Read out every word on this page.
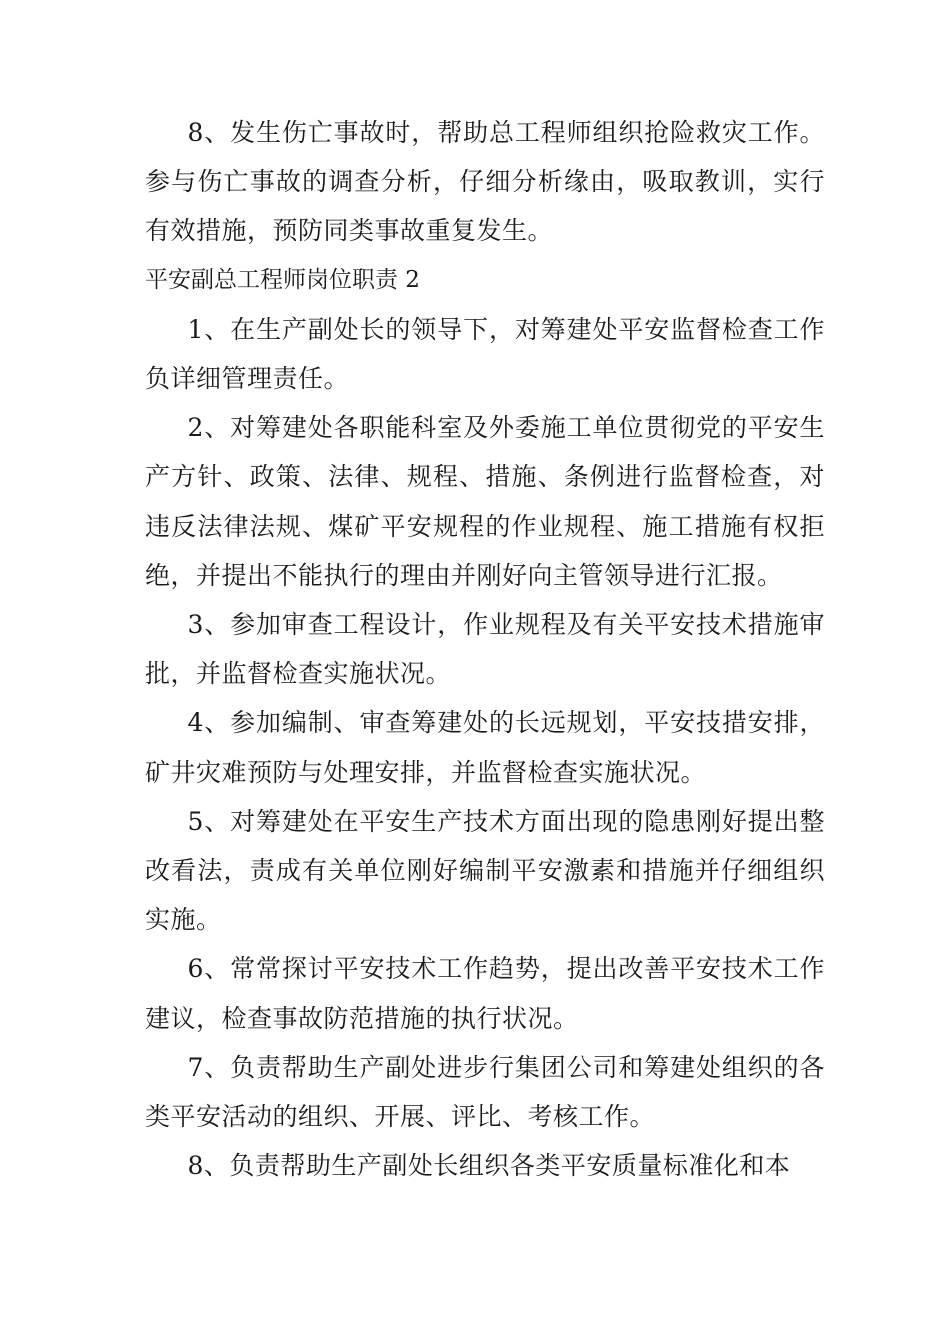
8、发生伤亡事故时，帮助总工程师组织抢险救灾工作。参与伤亡事故的调查分析，仔细分析缘由，吸取教训，实行有效措施，预防同类事故重复发生。

平安副总工程师岗位职责 2

1、在生产副处长的领导下，对筹建处平安监督检查工作负详细管理责任。

2、对筹建处各职能科室及外委施工单位贯彻党的平安生产方针、政策、法律、规程、措施、条例进行监督检查，对违反法律法规、煤矿平安规程的作业规程、施工措施有权拒绝，并提出不能执行的理由并刚好向主管领导进行汇报。

3、参加审查工程设计，作业规程及有关平安技术措施审批，并监督检查实施状况。

4、参加编制、审查筹建处的长远规划，平安技措安排，矿井灾难预防与处理安排，并监督检查实施状况。

5、对筹建处在平安生产技术方面出现的隐患刚好提出整改看法，责成有关单位刚好编制平安激素和措施并仔细组织实施。

6、常常探讨平安技术工作趋势，提出改善平安技术工作建议，检查事故防范措施的执行状况。

7、负责帮助生产副处进步行集团公司和筹建处组织的各类平安活动的组织、开展、评比、考核工作。

8、负责帮助生产副处长组织各类平安质量标准化和本
